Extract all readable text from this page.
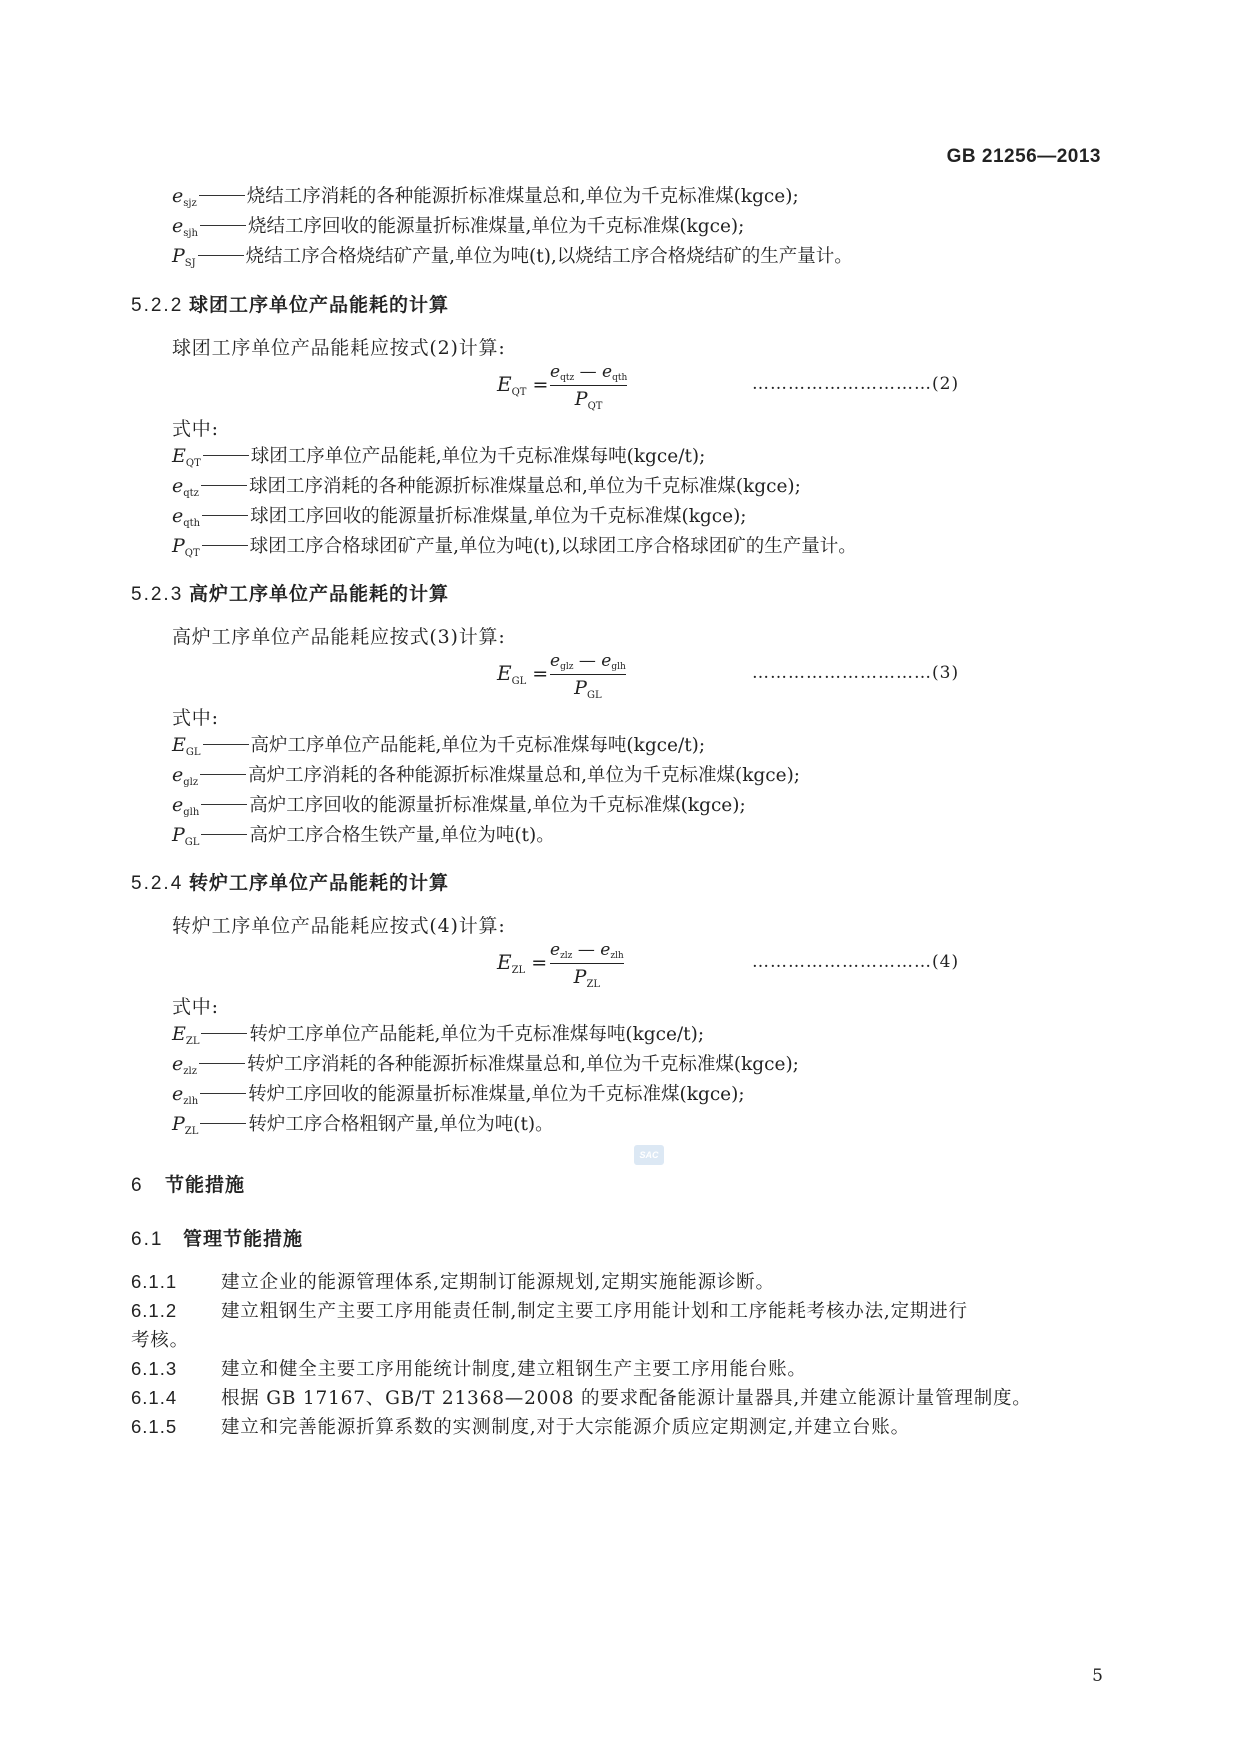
GB 21256—2013
$e_{sjz}$	烧结工序消耗的各种能源折标准煤量总和,单位为千克标准煤(kgce);
$e_{sjh}$	烧结工序回收的能源量折标准煤量,单位为千克标准煤(kgce);
$P_{SJ}$	烧结工序合格烧结矿产量,单位为吨(t),以烧结工序合格烧结矿的生产量计。
5.2.2 球团工序单位产品能耗的计算
球团工序单位产品能耗应按式(2)计算:
$E_{QT}$ =
$e_{qtz}$ — $e_{qth}$
$P_{QT}$
…………………………(2)
式中:
$E_{QT}$	球团工序单位产品能耗,单位为千克标准煤每吨(kgce/t);
$e_{qtz}$	球团工序消耗的各种能源折标准煤量总和,单位为千克标准煤(kgce);
$e_{qth}$	球团工序回收的能源量折标准煤量,单位为千克标准煤(kgce);
$P_{QT}$	球团工序合格球团矿产量,单位为吨(t),以球团工序合格球团矿的生产量计。
5.2.3 高炉工序单位产品能耗的计算
高炉工序单位产品能耗应按式(3)计算:
$E_{GL}$ =
$e_{glz}$ — $e_{glh}$
$P_{GL}$
…………………………(3)
式中:
$E_{GL}$	高炉工序单位产品能耗,单位为千克标准煤每吨(kgce/t);
$e_{glz}$	高炉工序消耗的各种能源折标准煤量总和,单位为千克标准煤(kgce);
$e_{glh}$	高炉工序回收的能源量折标准煤量,单位为千克标准煤(kgce);
$P_{GL}$	高炉工序合格生铁产量,单位为吨(t)。
5.2.4 转炉工序单位产品能耗的计算
转炉工序单位产品能耗应按式(4)计算:
$E_{ZL}$ =
$e_{zlz}$ — $e_{zlh}$
$P_{ZL}$
…………………………(4)
式中:
$E_{ZL}$	转炉工序单位产品能耗,单位为千克标准煤每吨(kgce/t);
$e_{zlz}$	转炉工序消耗的各种能源折标准煤量总和,单位为千克标准煤(kgce);
$e_{zlh}$	转炉工序回收的能源量折标准煤量,单位为千克标准煤(kgce);
$P_{ZL}$	转炉工序合格粗钢产量,单位为吨(t)。
SAC
6 节能措施
6.1 管理节能措施
6.1.1 建立企业的能源管理体系,定期制订能源规划,定期实施能源诊断。
6.1.2 建立粗钢生产主要工序用能责任制,制定主要工序用能计划和工序能耗考核办法,定期进行
考核。
6.1.3 建立和健全主要工序用能统计制度,建立粗钢生产主要工序用能台账。
6.1.4 根据 GB 17167、GB/T 21368—2008 的要求配备能源计量器具,并建立能源计量管理制度。
6.1.5 建立和完善能源折算系数的实测制度,对于大宗能源介质应定期测定,并建立台账。
5
